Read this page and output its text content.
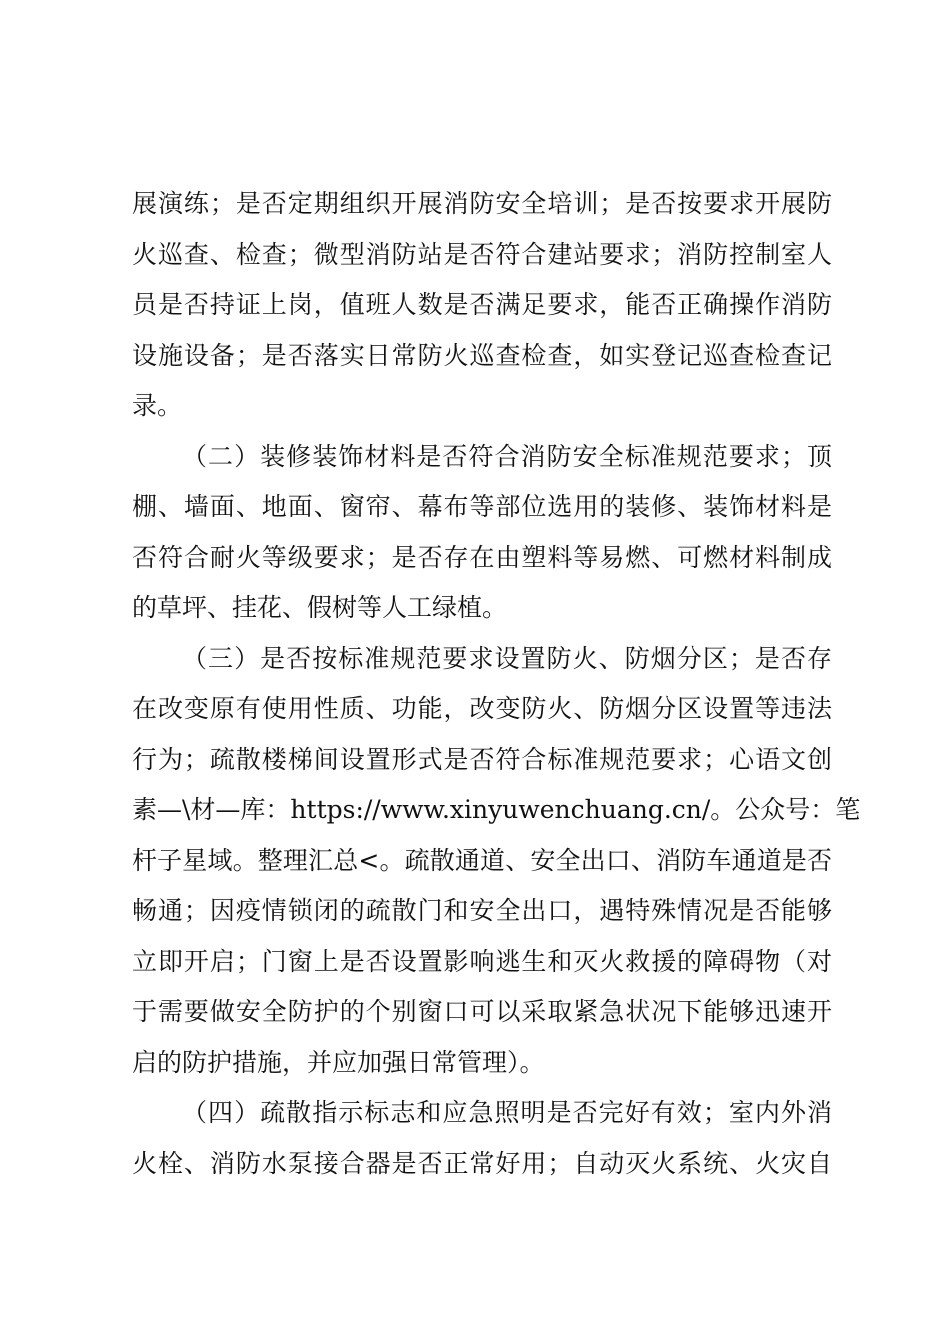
展演练；是否定期组织开展消防安全培训；是否按要求开展防
火巡查、检查；微型消防站是否符合建站要求；消防控制室人
员是否持证上岗，值班人数是否满足要求，能否正确操作消防
设施设备；是否落实日常防火巡查检查，如实登记巡查检查记
录。
（二）装修装饰材料是否符合消防安全标准规范要求；顶
棚、墙面、地面、窗帘、幕布等部位选用的装修、装饰材料是
否符合耐火等级要求；是否存在由塑料等易燃、可燃材料制成
的草坪、挂花、假树等人工绿植。
（三）是否按标准规范要求设置防火、防烟分区；是否存
在改变原有使用性质、功能，改变防火、防烟分区设置等违法
行为；疏散楼梯间设置形式是否符合标准规范要求；心语文创
素—\材—库：https://www.xinyuwenchuang.cn/。公众号：笔
杆子星域。整理汇总<。疏散通道、安全出口、消防车通道是否
畅通；因疫情锁闭的疏散门和安全出口，遇特殊情况是否能够
立即开启；门窗上是否设置影响逃生和灭火救援的障碍物（对
于需要做安全防护的个别窗口可以采取紧急状况下能够迅速开
启的防护措施，并应加强日常管理）。
（四）疏散指示标志和应急照明是否完好有效；室内外消
火栓、消防水泵接合器是否正常好用；自动灭火系统、火灾自
